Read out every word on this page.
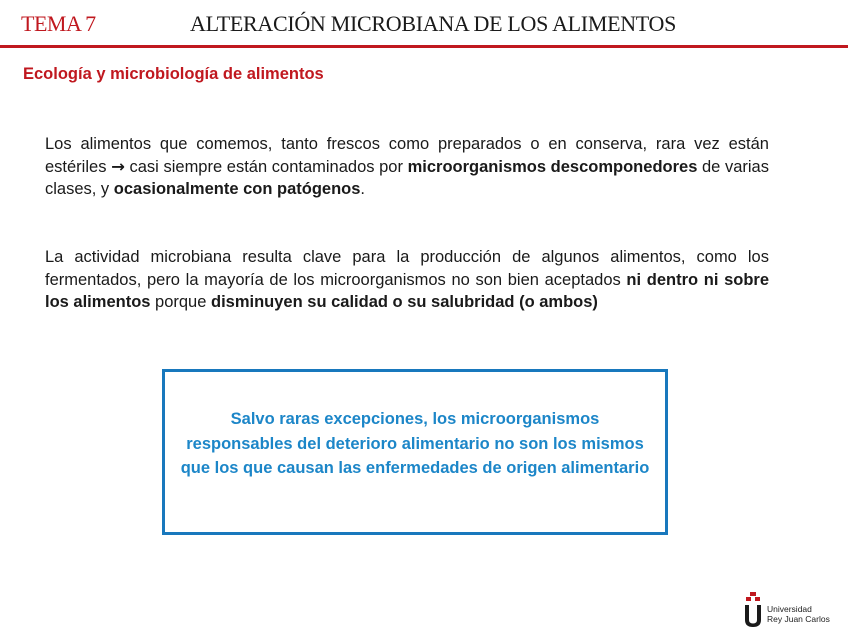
TEMA 7	ALTERACIÓN MICROBIANA DE LOS ALIMENTOS
Ecología y microbiología de alimentos
Los alimentos que comemos, tanto frescos como preparados o en conserva, rara vez están estériles → casi siempre están contaminados por microorganismos descomponedores de varias clases, y ocasionalmente con patógenos.
La actividad microbiana resulta clave para la producción de algunos alimentos, como los fermentados, pero la mayoría de los microorganismos no son bien aceptados ni dentro ni sobre los alimentos porque disminuyen su calidad o su salubridad (o ambos)
Salvo raras excepciones, los microorganismos responsables del deterioro alimentario no son los mismos que los que causan las enfermedades de origen alimentario
Universidad
Rey Juan Carlos
